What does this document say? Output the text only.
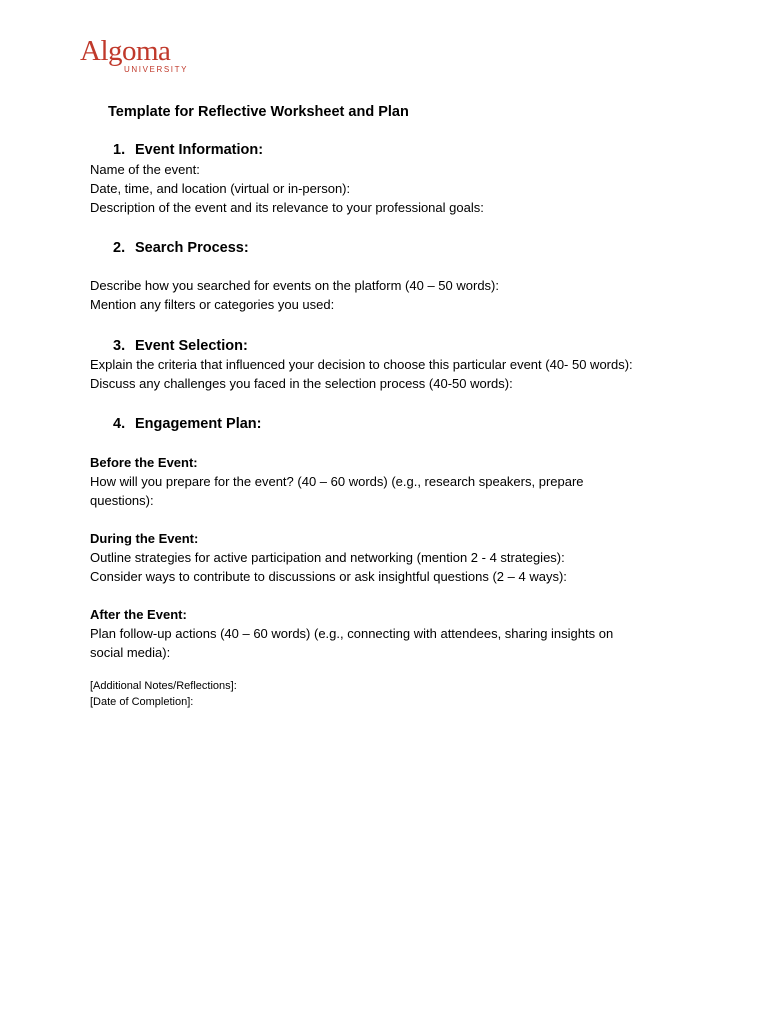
Algoma
UNIVERSITY
Template for Reflective Worksheet and Plan
1. Event Information:
Name of the event:
Date, time, and location (virtual or in-person):
Description of the event and its relevance to your professional goals:
2. Search Process:
Describe how you searched for events on the platform (40 – 50 words):
Mention any filters or categories you used:
3. Event Selection:
Explain the criteria that influenced your decision to choose this particular event (40- 50 words):
Discuss any challenges you faced in the selection process (40-50 words):
4. Engagement Plan:
Before the Event:
How will you prepare for the event? (40 – 60 words) (e.g., research speakers, prepare
questions):
During the Event:
Outline strategies for active participation and networking (mention 2 - 4 strategies):
Consider ways to contribute to discussions or ask insightful questions (2 – 4 ways):
After the Event:
Plan follow-up actions (40 – 60 words) (e.g., connecting with attendees, sharing insights on
social media):
[Additional Notes/Reflections]:
[Date of Completion]:
